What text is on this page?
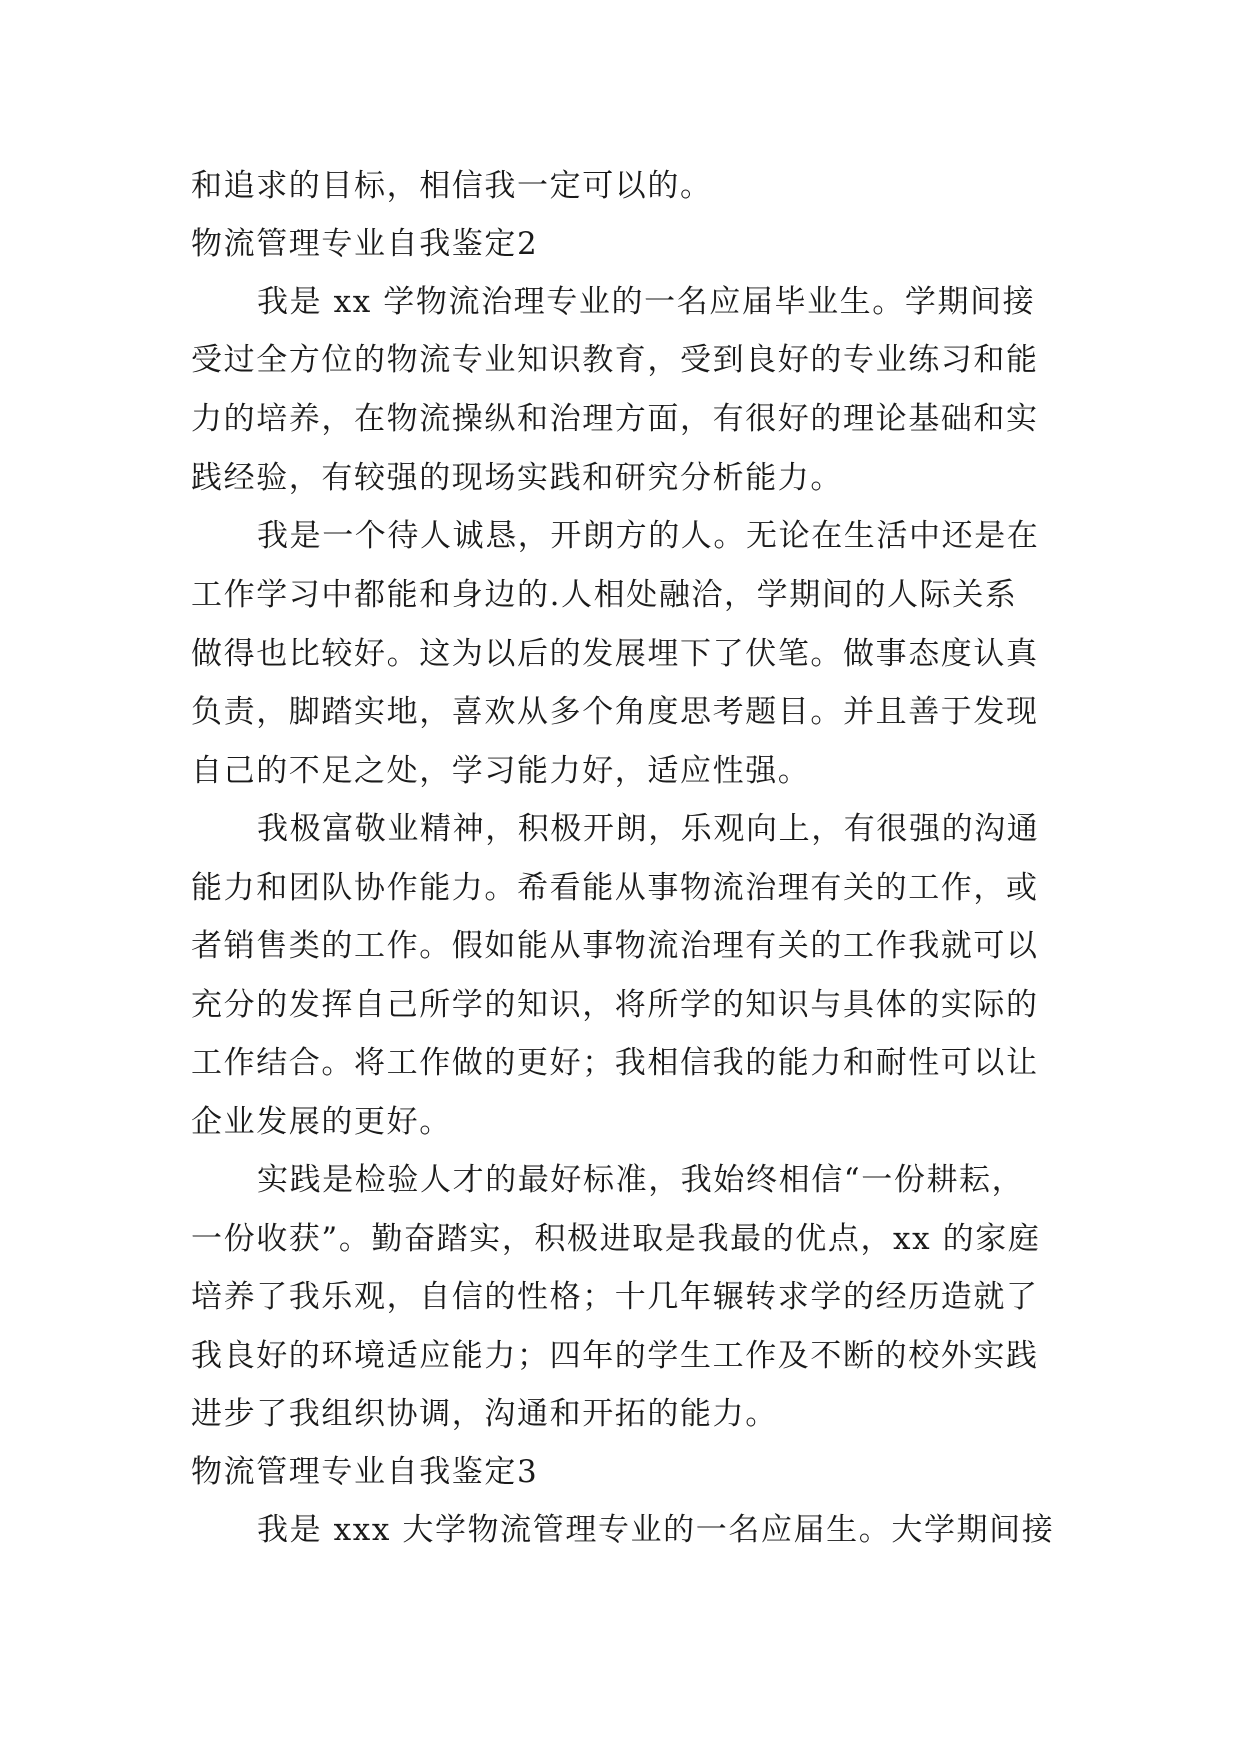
和追求的目标，相信我一定可以的。
物流管理专业自我鉴定2
我是 xx 学物流治理专业的一名应届毕业生。学期间接
受过全方位的物流专业知识教育，受到良好的专业练习和能
力的培养，在物流操纵和治理方面，有很好的理论基础和实
践经验，有较强的现场实践和研究分析能力。
我是一个待人诚恳，开朗方的人。无论在生活中还是在
工作学习中都能和身边的.人相处融洽，学期间的人际关系
做得也比较好。这为以后的发展埋下了伏笔。做事态度认真
负责，脚踏实地，喜欢从多个角度思考题目。并且善于发现
自己的不足之处，学习能力好，适应性强。
我极富敬业精神，积极开朗，乐观向上，有很强的沟通
能力和团队协作能力。希看能从事物流治理有关的工作，或
者销售类的工作。假如能从事物流治理有关的工作我就可以
充分的发挥自己所学的知识，将所学的知识与具体的实际的
工作结合。将工作做的更好；我相信我的能力和耐性可以让
企业发展的更好。
实践是检验人才的最好标准，我始终相信“一份耕耘，
一份收获”。勤奋踏实，积极进取是我最的优点，xx 的家庭
培养了我乐观，自信的性格；十几年辗转求学的经历造就了
我良好的环境适应能力；四年的学生工作及不断的校外实践
进步了我组织协调，沟通和开拓的能力。
物流管理专业自我鉴定3
我是 xxx 大学物流管理专业的一名应届生。大学期间接
